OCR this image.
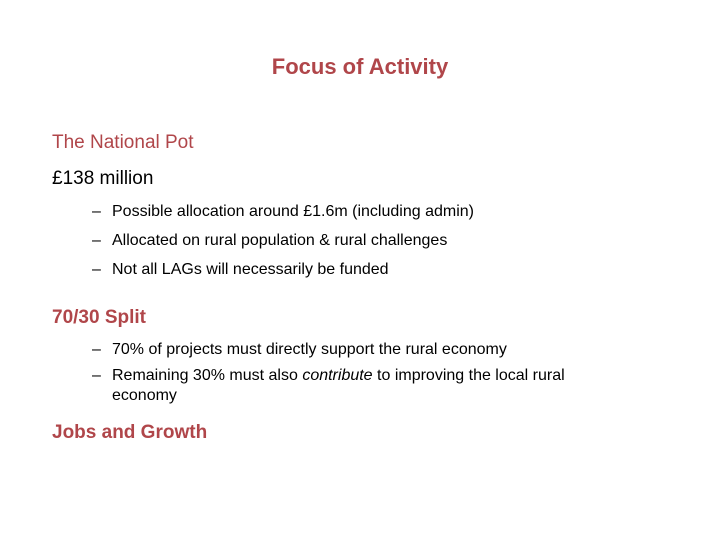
Focus of Activity
The National Pot
£138 million
– Possible allocation around £1.6m (including admin)
– Allocated on rural population & rural challenges
– Not all LAGs will necessarily be funded
70/30 Split
– 70% of projects must directly support the rural economy
– Remaining 30% must also contribute to improving the local rural
economy
Jobs and Growth
